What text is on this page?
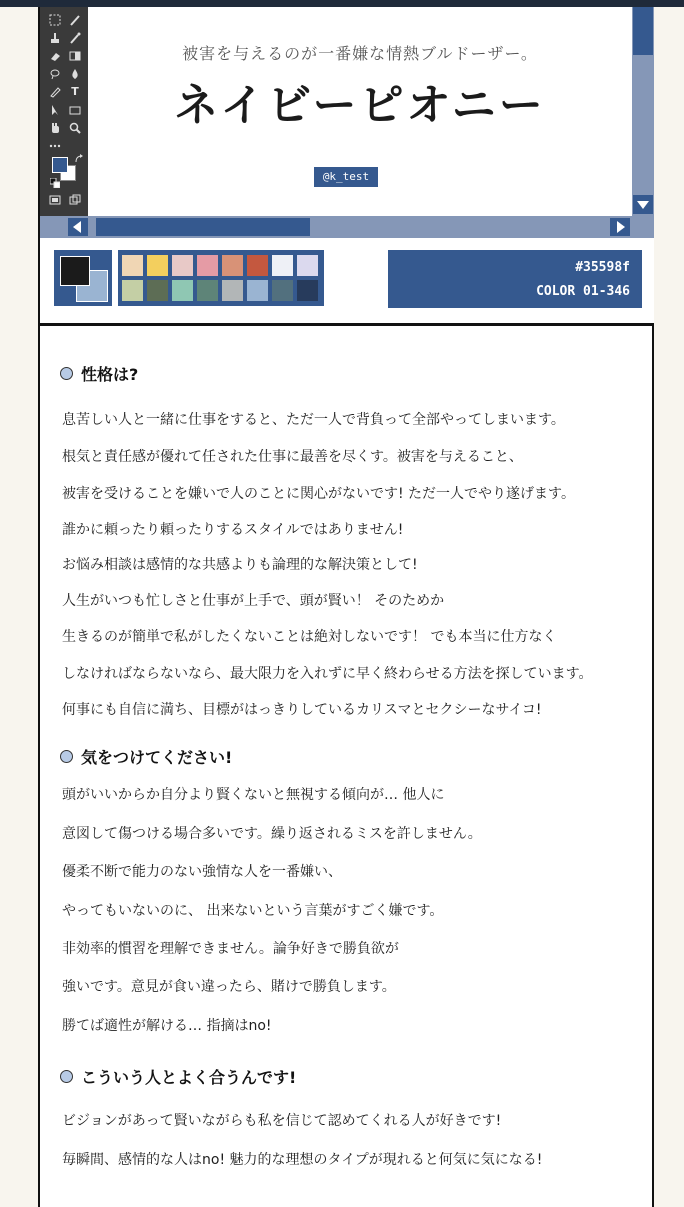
T
被害を与えるのが一番嫌な情熱ブルドーザー。
ネイビーピオニー
@k_test
#35598f
COLOR 01-346
性格は?
息苦しい人と一緒に仕事をすると、ただ一人で背負って全部やってしまいます。
根気と責任感が優れて任された仕事に最善を尽くす。被害を与えること、
被害を受けることを嫌いで人のことに関心がないです! ただ一人でやり遂げます。
誰かに頼ったり頼ったりするスタイルではありません!
お悩み相談は感情的な共感よりも論理的な解決策として!
人生がいつも忙しさと仕事が上手で、頭が賢い！ そのためか
生きるのが簡単で私がしたくないことは絶対しないです！ でも本当に仕方なく
しなければならないなら、最大限力を入れずに早く終わらせる方法を探しています。
何事にも自信に満ち、目標がはっきりしているカリスマとセクシーなサイコ!
気をつけてください!
頭がいいからか自分より賢くないと無視する傾向が… 他人に
意図して傷つける場合多いです。繰り返されるミスを許しません。
優柔不断で能力のない強情な人を一番嫌い、
やってもいないのに、 出来ないという言葉がすごく嫌です。
非効率的慣習を理解できません。論争好きで勝負欲が
強いです。意見が食い違ったら、賭けで勝負します。
勝てば適性が解ける… 指摘はno!
こういう人とよく合うんです!
ビジョンがあって賢いながらも私を信じて認めてくれる人が好きです!
毎瞬間、感情的な人はno! 魅力的な理想のタイプが現れると何気に気になる!
